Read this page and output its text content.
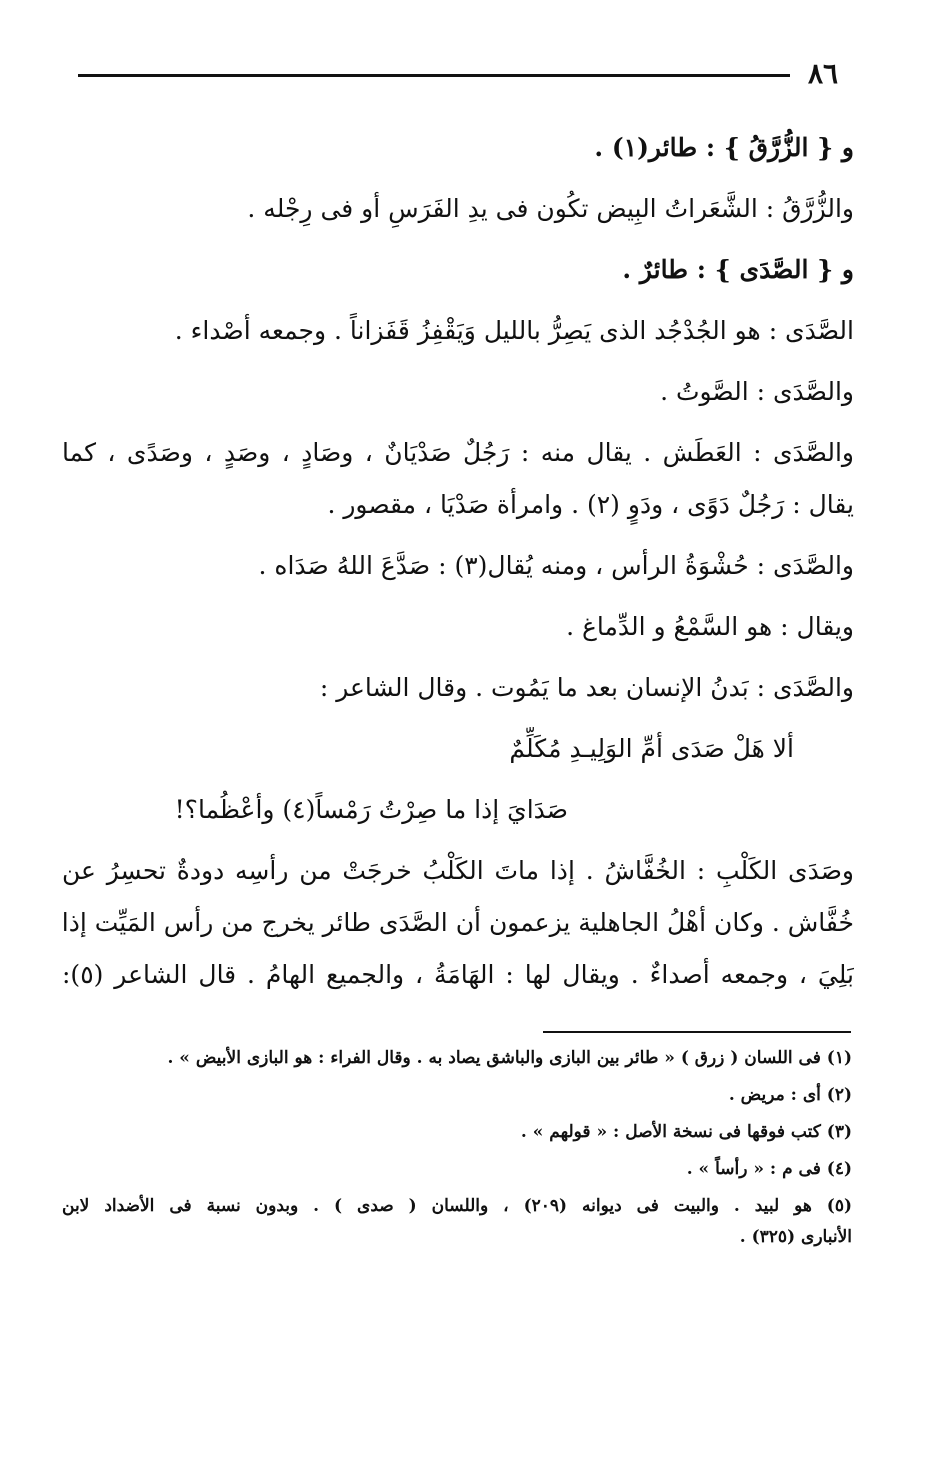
٨٦
و { الزُّرَّقُ } : طائر(١) .
والزُّرَّقُ : الشَّعَراتُ البِيض تكُون فى يدِ الفَرَسِ أو فى رِجْله .
و { الصَّدَى } : طائرٌ .
الصَّدَى : هو الجُدْجُد الذى يَصِرُّ بالليل وَيَقْفِزُ قَفَزاناً . وجمعه أصْداء .
والصَّدَى : الصَّوتُ .
والصَّدَى : العَطَش . يقال منه : رَجُلٌ صَدْيَانٌ ، وصَادٍ ، وصَدٍ ، وصَدًى ، كما
يقال : رَجُلٌ دَوًى ، ودَوٍ (٢) . وامرأة صَدْيَا ، مقصور .
والصَّدَى : حُشْوَةُ الرأس ، ومنه يُقال(٣) : صَدَّعَ اللهُ صَدَاه .
ويقال : هو السَّمْعُ و الدِّماغ .
والصَّدَى : بَدنُ الإنسان بعد ما يَمُوت . وقال الشاعر :
ألا هَلْ صَدَى أمِّ الوَلِيـدِ مُكَلِّمٌ
صَدَايَ إذا ما صِرْتُ رَمْساً(٤) وأعْظُما؟!
وصَدَى الكَلْبِ : الخُفَّاشُ . إذا ماتَ الكَلْبُ خرجَتْ من رأسِه دودةٌ تحسِرُ عن
خُفَّاش . وكان أهْلُ الجاهلية يزعمون أن الصَّدَى طائر يخرج من رأس المَيِّت إذا
بَلِيَ ، وجمعه أصداءٌ . ويقال لها : الهَامَةُ ، والجميع الهامُ . قال الشاعر (٥):
(١) فى اللسان ( زرق ) « طائر بين البازى والباشق يصاد به . وقال الفراء : هو البازى الأبيض » .
(٢) أى : مريض .
(٣) كتب فوقها فى نسخة الأصل : « قولهم » .
(٤) فى م : « رأساً » .
(٥) هو لبيد . والبيت فى ديوانه (٢٠٩) ، واللسان ( صدى ) . وبدون نسبة فى الأضداد لابن
الأنبارى (٣٢٥) .
